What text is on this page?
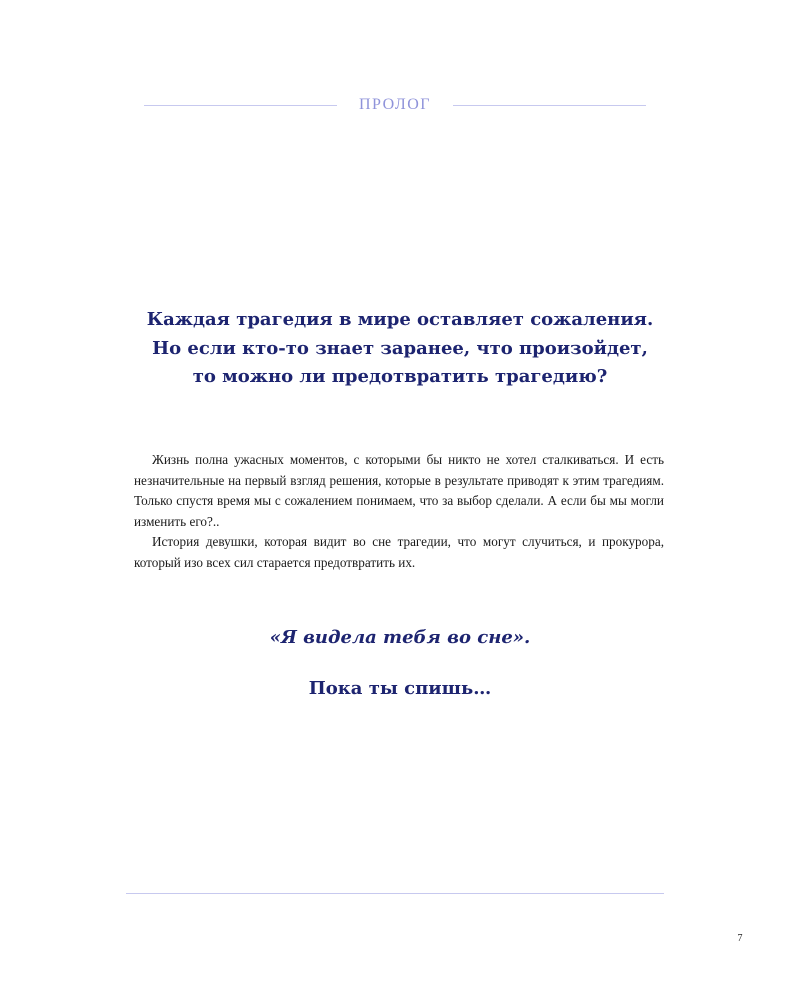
ПРОЛОГ
Каждая трагедия в мире оставляет сожаления.
Но если кто-то знает заранее, что произойдет,
то можно ли предотвратить трагедию?

Жизнь полна ужасных моментов, с которыми бы никто не хотел сталкиваться. И есть незначительные на первый взгляд решения, которые в результате приводят к этим трагедиям. Только спустя время мы с сожалением понимаем, что за выбор сделали. А если бы мы могли изменить его?..

История девушки, которая видит во сне трагедии, что могут случиться, и прокурора, который изо всех сил старается предотвратить их.

«Я видела тебя во сне».
Пока ты спишь…
7
